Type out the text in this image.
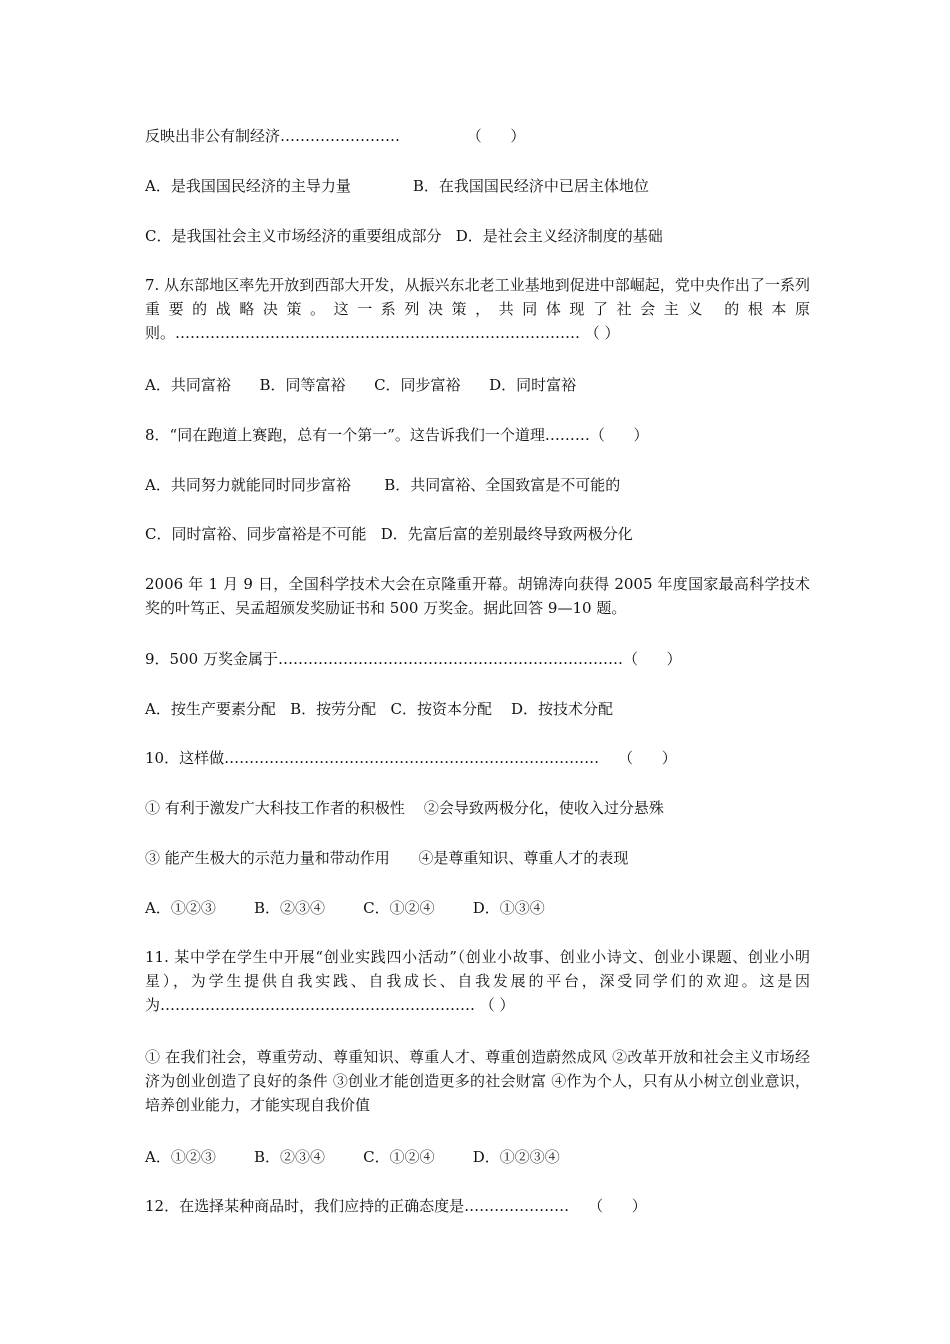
反映出非公有制经济……………………              （      ）
A．是我国国民经济的主导力量             B．在我国国民经济中已居主体地位
C．是我国社会主义市场经济的重要组成部分   D．是社会主义经济制度的基础
7. 从东部地区率先开放到西部大开发，从振兴东北老工业基地到促进中部崛起，党中央作出了一系列重要的战略决策。这一系列决策，共同体现了社会主义 的根本原则。……………………………………………………………………… （ ）
A．共同富裕      B．同等富裕      C．同步富裕      D．同时富裕
8．“同在跑道上赛跑，总有一个第一”。这告诉我们一个道理………（      ）
A．共同努力就能同时同步富裕       B．共同富裕、全国致富是不可能的
C．同时富裕、同步富裕是不可能   D．先富后富的差别最终导致两极分化
2006 年 1 月 9 日，全国科学技术大会在京隆重开幕。胡锦涛向获得 2005 年度国家最高科学技术奖的叶笃正、吴孟超颁发奖励证书和 500 万奖金。据此回答 9—10 题。
9．500 万奖金属于……………………………………………………………（      ）
A．按生产要素分配   B．按劳分配   C．按资本分配    D．按技术分配
10．这样做…………………………………………………………………    （      ）
① 有利于激发广大科技工作者的积极性    ②会导致两极分化，使收入过分悬殊
③ 能产生极大的示范力量和带动作用      ④是尊重知识、尊重人才的表现
A．①②③        B．②③④        C．①②④        D．①③④
11. 某中学在学生中开展“创业实践四小活动”（创业小故事、创业小诗文、创业小课题、创业小明星），为学生提供自我实践、自我成长、自我发展的平台，深受同学们的欢迎。这是因为……………………………………………………… （ ）
① 在我们社会，尊重劳动、尊重知识、尊重人才、尊重创造蔚然成风 ②改革开放和社会主义市场经济为创业创造了良好的条件 ③创业才能创造更多的社会财富 ④作为个人，只有从小树立创业意识，培养创业能力，才能实现自我价值
A．①②③        B．②③④        C．①②④        D．①②③④
12．在选择某种商品时，我们应持的正确态度是…………………    （      ）
